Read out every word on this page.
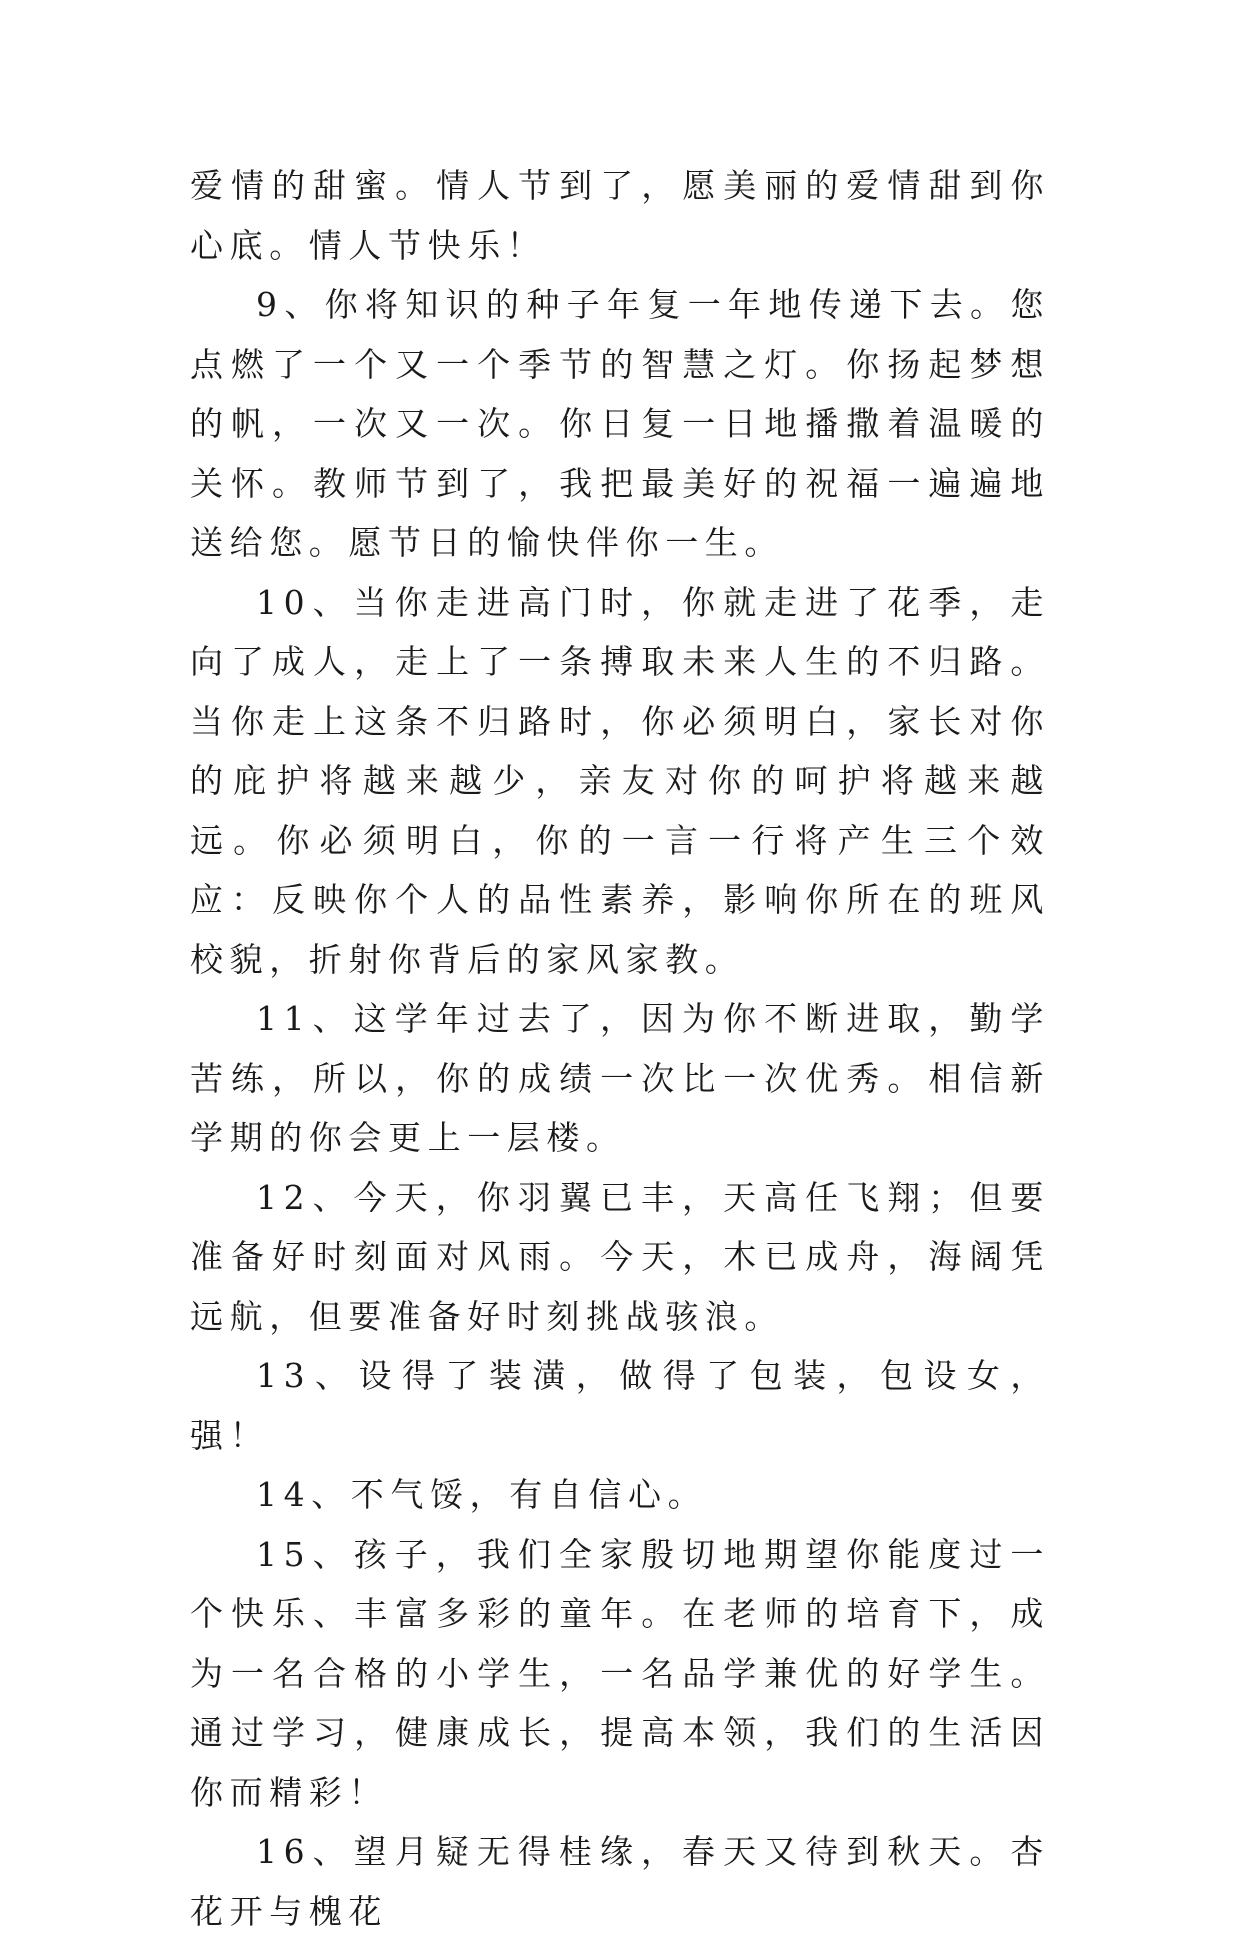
爱情的甜蜜。情人节到了，愿美丽的爱情甜到你心底。情人节快乐！

9、你将知识的种子年复一年地传递下去。您点燃了一个又一个季节的智慧之灯。你扬起梦想的帆，一次又一次。你日复一日地播撒着温暖的关怀。教师节到了，我把最美好的祝福一遍遍地送给您。愿节日的愉快伴你一生。

10、当你走进高门时，你就走进了花季，走向了成人，走上了一条搏取未来人生的不归路。当你走上这条不归路时，你必须明白，家长对你的庇护将越来越少，亲友对你的呵护将越来越远。你必须明白，你的一言一行将产生三个效应：反映你个人的品性素养，影响你所在的班风校貌，折射你背后的家风家教。

11、这学年过去了，因为你不断进取，勤学苦练，所以，你的成绩一次比一次优秀。相信新学期的你会更上一层楼。

12、今天，你羽翼已丰，天高任飞翔；但要准备好时刻面对风雨。今天，木已成舟，海阔凭远航，但要准备好时刻挑战骇浪。

13、设得了装潢，做得了包装，包设女，强！

14、不气馁，有自信心。

15、孩子，我们全家殷切地期望你能度过一个快乐、丰富多彩的童年。在老师的培育下，成为一名合格的小学生，一名品学兼优的好学生。通过学习，健康成长，提高本领，我们的生活因你而精彩！

16、望月疑无得桂缘，春天又待到秋天。杏花开与槐花
